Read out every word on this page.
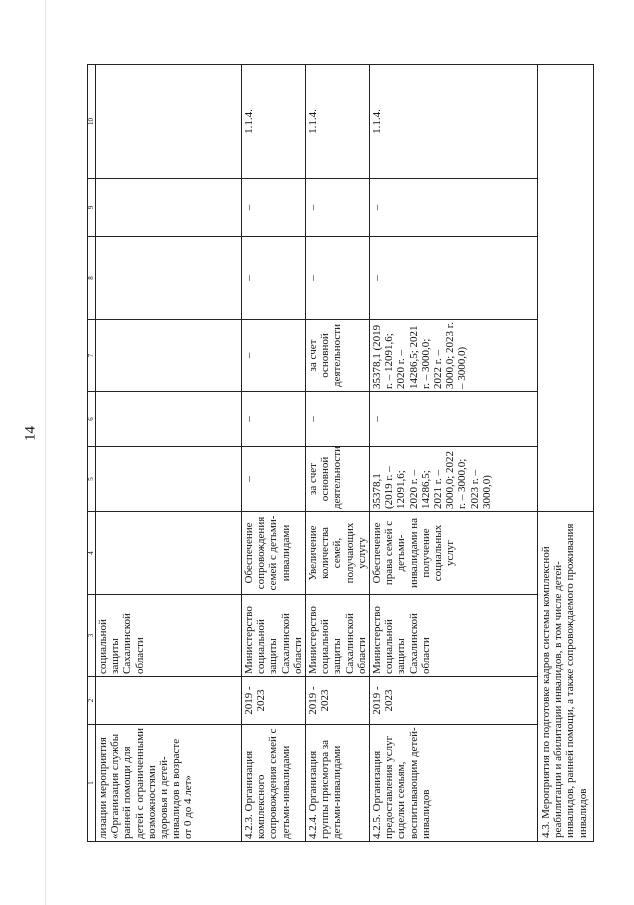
14
1	2	3	4	5	6	7	8	9	10
лизации мероприятия «Организация службы ранней помощи для детей с ограниченными возможностями здоровья и детей-инвалидов в возрасте от 0 до 4 лет»		социальной защиты Сахалинской области							
4.2.3. Организация комплексного сопровождения семей с детьми-инвалидами	2019 - 2023	Министерство социальной защиты Сахалинской области	Обеспечение сопровождения семей с детьми-инвалидами	–	–	–	–	–	1.1.4.
4.2.4. Организация группы присмотра за детьми-инвалидами	2019 - 2023	Министерство социальной защиты Сахалинской области	Увеличение количества семей, получающих услугу	за счет основной деятельности	–	за счет основной деятельности	–	–	1.1.4.
4.2.5. Организация предоставления услуг сиделки семьям, воспитывающим детей-инвалидов	2019 - 2023	Министерство социальной защиты Сахалинской области	Обеспечение права семей с детьми-инвалидами на получение социальных услуг	35378,1 (2019 г. – 12091,6; 2020 г. – 14286,5; 2021 г. – 3000,0; 2022 г. – 3000,0; 2023 г. – 3000,0)	–	35378,1 (2019 г. – 12091,6; 2020 г. – 14286,5; 2021 г. – 3000,0; 2022 г. – 3000,0; 2023 г. – 3000,0)	–	–	1.1.4.
4.3. Мероприятия по подготовке кадров системы комплексной реабилитации и абилитации инвалидов, в том числе детей-инвалидов, ранней помощи, а также сопровождаемого проживания инвалидов									
